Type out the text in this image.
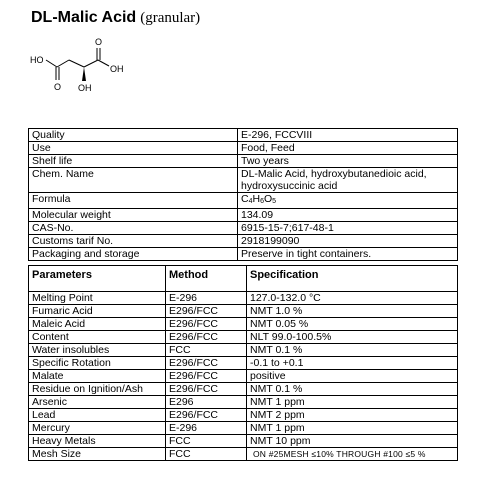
DL-Malic Acid (granular)
HO
OH
O
O OH
Quality	E-296, FCCVIII
Use	Food, Feed
Shelf life	Two years
Chem. Name	DL-Malic Acid, hydroxybutanedioic acid, hydroxysuccinic acid
Formula	$C_4H_6O_5$
Molecular weight	134.09
CAS-No.	6915-15-7;617-48-1
Customs tarif No.	2918199090
Packaging and storage	Preserve in tight containers.
Parameters	Method	Specification
Melting Point	E-296	127.0-132.0 °C
Fumaric Acid	E296/FCC	NMT 1.0 %
Maleic Acid	E296/FCC	NMT 0.05 %
Content	E296/FCC	NLT 99.0-100.5%
Water insolubles	FCC	NMT 0.1 %
Specific Rotation	E296/FCC	-0.1 to +0.1
Malate	E296/FCC	positive
Residue on Ignition/Ash	E296/FCC	NMT 0.1 %
Arsenic	E296	NMT 1 ppm
Lead	E296/FCC	NMT 2 ppm
Mercury	E-296	NMT 1 ppm
Heavy Metals	FCC	NMT 10 ppm
Mesh Size	FCC	ON #25MESH ≤10% THROUGH #100 ≤5 %
